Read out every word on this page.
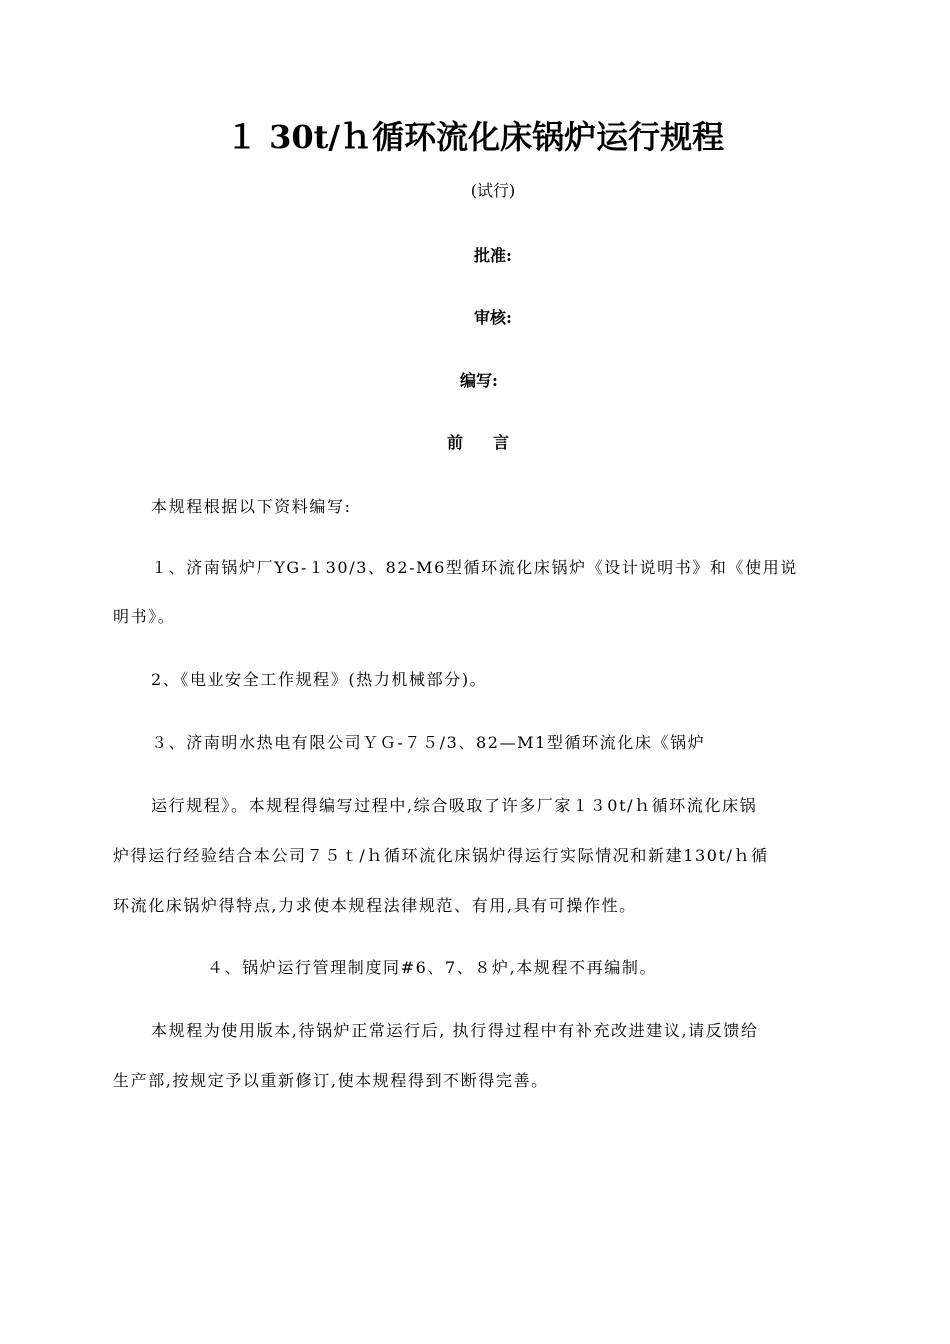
１ 30t/ｈ循环流化床锅炉运行规程
(试行)
批准:
审核:
编写:
前言
本规程根据以下资料编写:
１、济南锅炉厂YG-１30/3、82-M6型循环流化床锅炉《设计说明书》和《使用说
明书》。
2、《电业安全工作规程》(热力机械部分)。
３、济南明水热电有限公司ＹＧ-７５/3、82—M1型循环流化床《锅炉
运行规程》。本规程得编写过程中,综合吸取了许多厂家１３0t/ｈ循环流化床锅
炉得运行经验结合本公司７５ｔ/ｈ循环流化床锅炉得运行实际情况和新建130t/ｈ循
环流化床锅炉得特点,力求使本规程法律规范、有用,具有可操作性。
４、锅炉运行管理制度同#6、7、８炉,本规程不再编制。
本规程为使用版本,待锅炉正常运行后, 执行得过程中有补充改进建议,请反馈给
生产部,按规定予以重新修订,使本规程得到不断得完善。
